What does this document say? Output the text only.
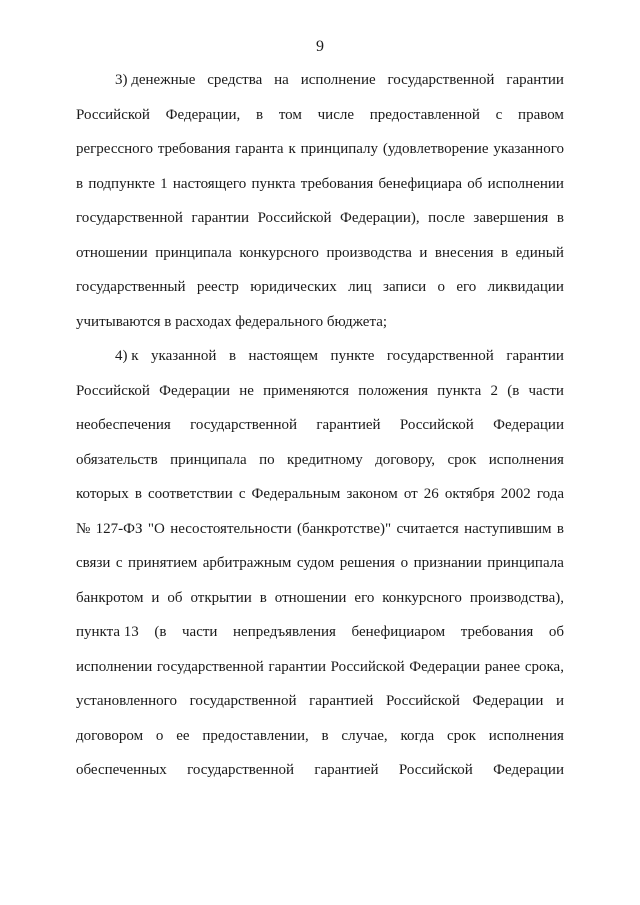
9
3) денежные средства на исполнение государственной гарантии
Российской Федерации, в том числе предоставленной с правом
регрессного требования гаранта к принципалу (удовлетворение указанного
в подпункте 1 настоящего пункта требования бенефициара об исполнении
государственной гарантии Российской Федерации), после завершения в
отношении принципала конкурсного производства и внесения в единый
государственный реестр юридических лиц записи о его ликвидации
учитываются в расходах федерального бюджета;
4) к указанной в настоящем пункте государственной гарантии
Российской Федерации не применяются положения пункта 2 (в части
необеспечения государственной гарантией Российской Федерации
обязательств принципала по кредитному договору, срок исполнения
которых в соответствии с Федеральным законом от 26 октября 2002 года
№ 127-ФЗ "О несостоятельности (банкротстве)" считается наступившим в
связи с принятием арбитражным судом решения о признании принципала
банкротом и об открытии в отношении его конкурсного производства),
пункта 13 (в части непредъявления бенефициаром требования об
исполнении государственной гарантии Российской Федерации ранее срока,
установленного государственной гарантией Российской Федерации и
договором о ее предоставлении, в случае, когда срок исполнения
обеспеченных государственной гарантией Российской Федерации
